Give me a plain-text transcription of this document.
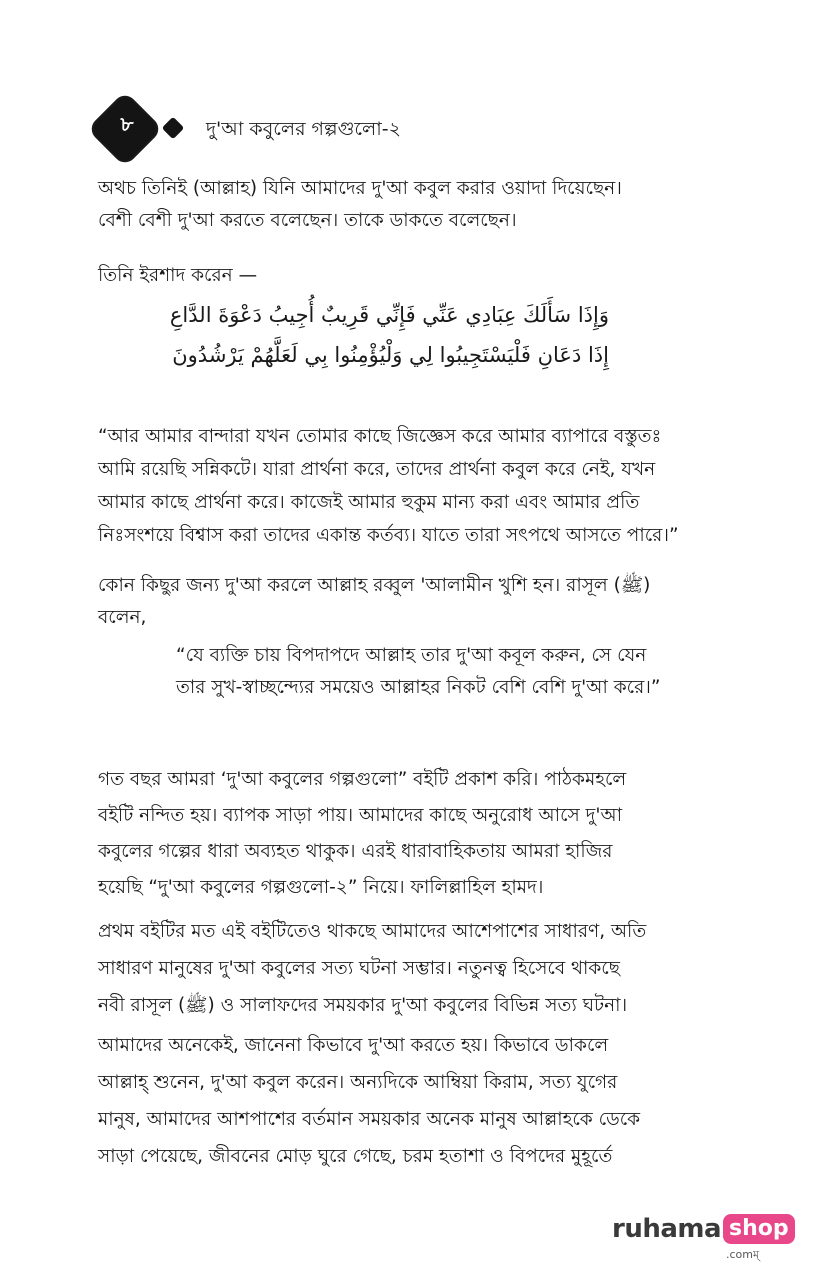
৮	দু'আ কবুলের গল্পগুলো-২
অথচ তিনিই (আল্লাহ) যিনি আমাদের দু'আ কবুল করার ওয়াদা দিয়েছেন।
বেশী বেশী দু'আ করতে বলেছেন। তাকে ডাকতে বলেছেন।
তিনি ইরশাদ করেন —
وَإِذَا سَأَلَكَ عِبَادِي عَنِّي فَإِنِّي قَرِيبٌ أُجِيبُ دَعْوَةَ الدَّاعِ
إِذَا دَعَانِ فَلْيَسْتَجِيبُوا لِي وَلْيُؤْمِنُوا بِي لَعَلَّهُمْ يَرْشُدُونَ
“আর আমার বান্দারা যখন তোমার কাছে জিজ্ঞেস করে আমার ব্যাপারে বস্তুতঃ
আমি রয়েছি সন্নিকটে। যারা প্রার্থনা করে, তাদের প্রার্থনা কবুল করে নেই, যখন
আমার কাছে প্রার্থনা করে। কাজেই আমার হুকুম মান্য করা এবং আমার প্রতি
নিঃসংশয়ে বিশ্বাস করা তাদের একান্ত কর্তব্য। যাতে তারা সৎপথে আসতে পারে।”
কোন কিছুর জন্য দু'আ করলে আল্লাহ রব্বুল 'আলামীন খুশি হন। রাসূল (ﷺ)
বলেন,
“যে ব্যক্তি চায় বিপদাপদে আল্লাহ তার দু'আ কবূল করুন, সে যেন
তার সুখ-স্বাচ্ছন্দ্যের সময়েও আল্লাহর নিকট বেশি বেশি দু'আ করে।”
গত বছর আমরা ‘দু'আ কবুলের গল্পগুলো” বইটি প্রকাশ করি। পাঠকমহলে
বইটি নন্দিত হয়। ব্যাপক সাড়া পায়। আমাদের কাছে অনুরোধ আসে দু'আ
কবুলের গল্পের ধারা অব্যহত থাকুক। এরই ধারাবাহিকতায় আমরা হাজির
হয়েছি “দু'আ কবুলের গল্পগুলো-২” নিয়ে। ফালিল্লাহিল হামদ।
প্রথম বইটির মত এই বইটিতেও থাকছে আমাদের আশেপাশের সাধারণ, অতি
সাধারণ মানুষের দু'আ কবুলের সত্য ঘটনা সম্ভার। নতুনত্ব হিসেবে থাকছে
নবী রাসূল (ﷺ) ও সালাফদের সময়কার দু'আ কবুলের বিভিন্ন সত্য ঘটনা।
আমাদের অনেকেই, জানেনা কিভাবে দু'আ করতে হয়। কিভাবে ডাকলে
আল্লাহ্ শুনেন, দু'আ কবুল করেন। অন্যদিকে আম্বিয়া কিরাম, সত্য যুগের
মানুষ, আমাদের আশপাশের বর্তমান সময়কার অনেক মানুষ আল্লাহকে ডেকে
সাড়া পেয়েছে, জীবনের মোড় ঘুরে গেছে, চরম হতাশা ও বিপদের মুহূর্তে
ruhama shop
.comম্
